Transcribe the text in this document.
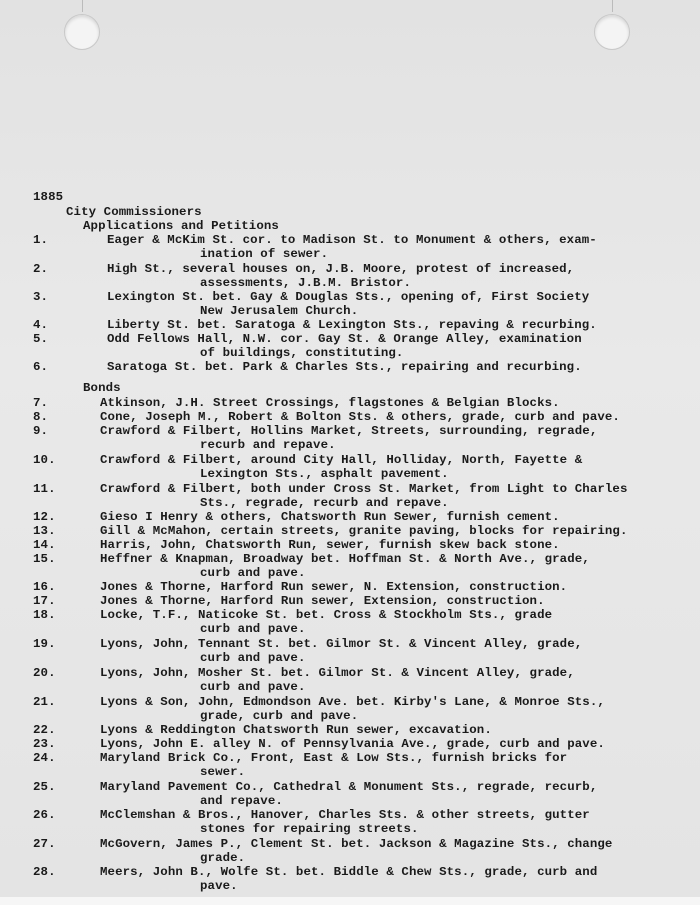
1885
City Commissioners
Applications and Petitions
Bonds
1.	Eager & McKim St. cor. to Madison St. to Monument & others, exam-
ination of sewer.
2.	High St., several houses on, J.B. Moore, protest of increased,
assessments, J.B.M. Bristor.
3.	Lexington St. bet. Gay & Douglas Sts., opening of, First Society
New Jerusalem Church.
4.	Liberty St. bet. Saratoga & Lexington Sts., repaving & recurbing.
5.	Odd Fellows Hall, N.W. cor. Gay St. & Orange Alley, examination
of buildings, constituting.
6.	Saratoga St. bet. Park & Charles Sts., repairing and recurbing.
7.	Atkinson, J.H. Street Crossings, flagstones & Belgian Blocks.
8.	Cone, Joseph M., Robert & Bolton Sts. & others, grade, curb and pave.
9.	Crawford & Filbert, Hollins Market, Streets, surrounding, regrade,
recurb and repave.
10.	Crawford & Filbert, around City Hall, Holliday, North, Fayette &
Lexington Sts., asphalt pavement.
11.	Crawford & Filbert, both under Cross St. Market, from Light to Charles
Sts., regrade, recurb and repave.
12.	Gieso I Henry & others, Chatsworth Run Sewer, furnish cement.
13.	Gill & McMahon, certain streets, granite paving, blocks for repairing.
14.	Harris, John, Chatsworth Run, sewer, furnish skew back stone.
15.	Heffner & Knapman, Broadway bet. Hoffman St. & North Ave., grade,
curb and pave.
16.	Jones & Thorne, Harford Run sewer, N. Extension, construction.
17.	Jones & Thorne, Harford Run sewer, Extension, construction.
18.	Locke, T.F., Naticoke St. bet. Cross & Stockholm Sts., grade
curb and pave.
19.	Lyons, John, Tennant St. bet. Gilmor St. & Vincent Alley, grade,
curb and pave.
20.	Lyons, John, Mosher St. bet. Gilmor St. & Vincent Alley, grade,
curb and pave.
21.	Lyons & Son, John, Edmondson Ave. bet. Kirby's Lane, & Monroe Sts.,
grade, curb and pave.
22.	Lyons & Reddington Chatsworth Run sewer, excavation.
23.	Lyons, John E. alley N. of Pennsylvania Ave., grade, curb and pave.
24.	Maryland Brick Co., Front, East & Low Sts., furnish bricks for
sewer.
25.	Maryland Pavement Co., Cathedral & Monument Sts., regrade, recurb,
and repave.
26.	McClemshan & Bros., Hanover, Charles Sts. & other streets, gutter
stones for repairing streets.
27.	McGovern, James P., Clement St. bet. Jackson & Magazine Sts., change
grade.
28.	Meers, John B., Wolfe St. bet. Biddle & Chew Sts., grade, curb and
pave.
